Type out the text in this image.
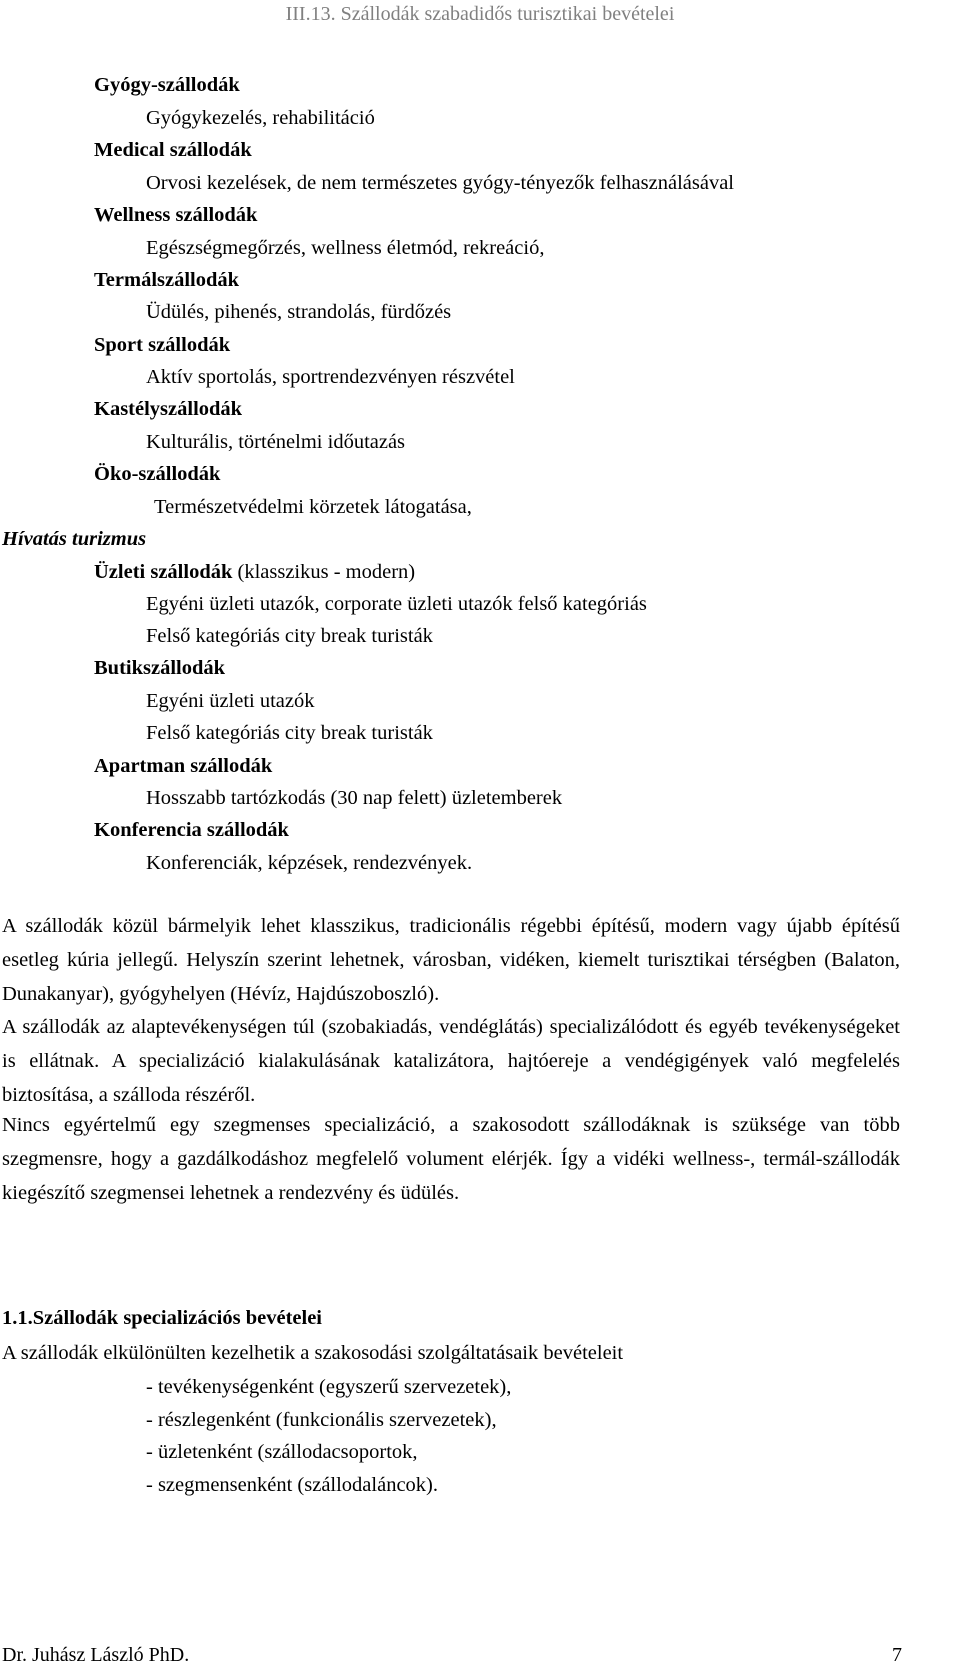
III.13. Szállodák szabadidős turisztikai bevételei
Gyógy-szállodák
Gyógykezelés, rehabilitáció
Medical szállodák
Orvosi kezelések, de nem természetes gyógy-tényezők felhasználásával
Wellness szállodák
Egészségmegőrzés, wellness életmód, rekreáció,
Termálszállodák
Üdülés, pihenés, strandolás, fürdőzés
Sport szállodák
Aktív sportolás, sportrendezvényen részvétel
Kastélyszállodák
Kulturális, történelmi időutazás
Öko-szállodák
Természetvédelmi körzetek látogatása,
Hívatás turizmus
Üzleti szállodák (klasszikus - modern)
Egyéni üzleti utazók, corporate üzleti utazók felső kategóriás
Felső kategóriás city break turisták
Butikszállodák
Egyéni üzleti utazók
Felső kategóriás city break turisták
Apartman szállodák
Hosszabb tartózkodás (30 nap felett) üzletemberek
Konferencia szállodák
Konferenciák, képzések, rendezvények.

A szállodák közül bármelyik lehet klasszikus, tradicionális régebbi építésű, modern vagy újabb építésű esetleg kúria jellegű. Helyszín szerint lehetnek, városban, vidéken, kiemelt turisztikai térségben (Balaton, Dunakanyar), gyógyhelyen (Hévíz, Hajdúszoboszló).

A szállodák az alaptevékenységen túl (szobakiadás, vendéglátás) specializálódott és egyéb tevékenységeket is ellátnak. A specializáció kialakulásának katalizátora, hajtóereje a vendégigények való megfelelés biztosítása, a szálloda részéről.

Nincs egyértelmű egy szegmenses specializáció, a szakosodott szállodáknak is szüksége van több szegmensre, hogy a gazdálkodáshoz megfelelő volument elérjék. Így a vidéki wellness-, termál-szállodák kiegészítő szegmensei lehetnek a rendezvény és üdülés.

1.1.Szállodák specializációs bevételei
A szállodák elkülönülten kezelhetik a szakosodási szolgáltatásaik bevételeit
- tevékenységenként (egyszerű szervezetek),
- részlegenként (funkcionális szervezetek),
- üzletenként (szállodacsoportok,
- szegmensenként (szállodaláncok).
Dr. Juhász László PhD.	7
